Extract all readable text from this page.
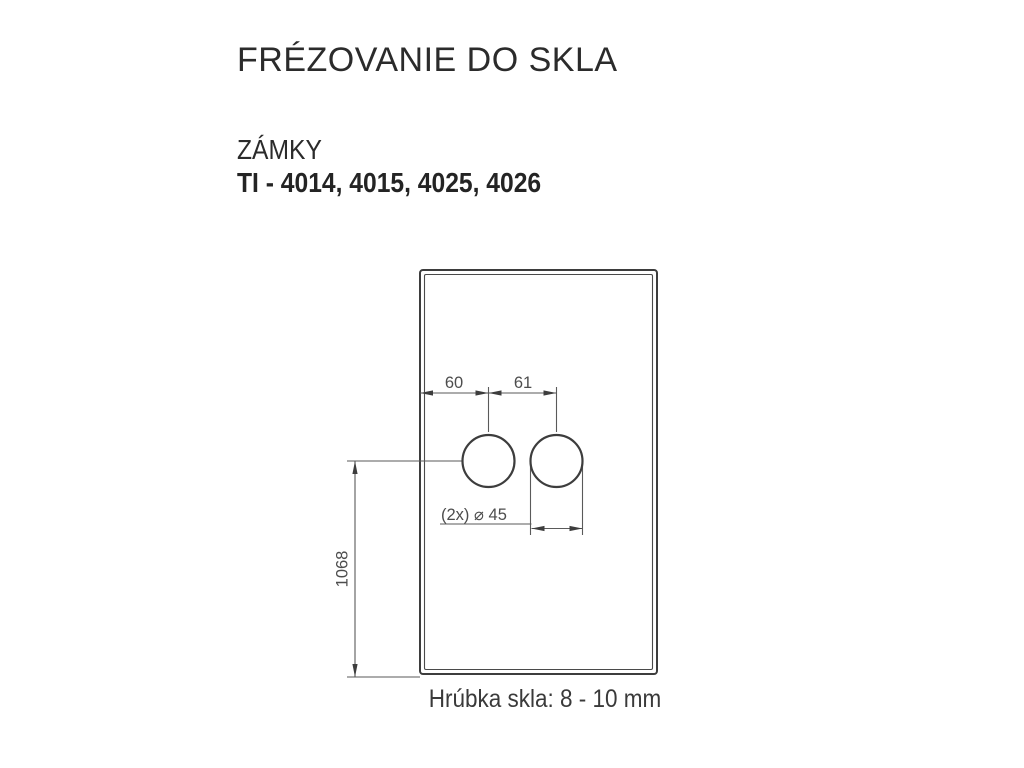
FRÉZOVANIE DO SKLA
ZÁMKY
TI - 4014, 4015, 4025, 4026
60	61
1068
(2x) ⌀ 45
Hrúbka skla: 8 - 10 mm
